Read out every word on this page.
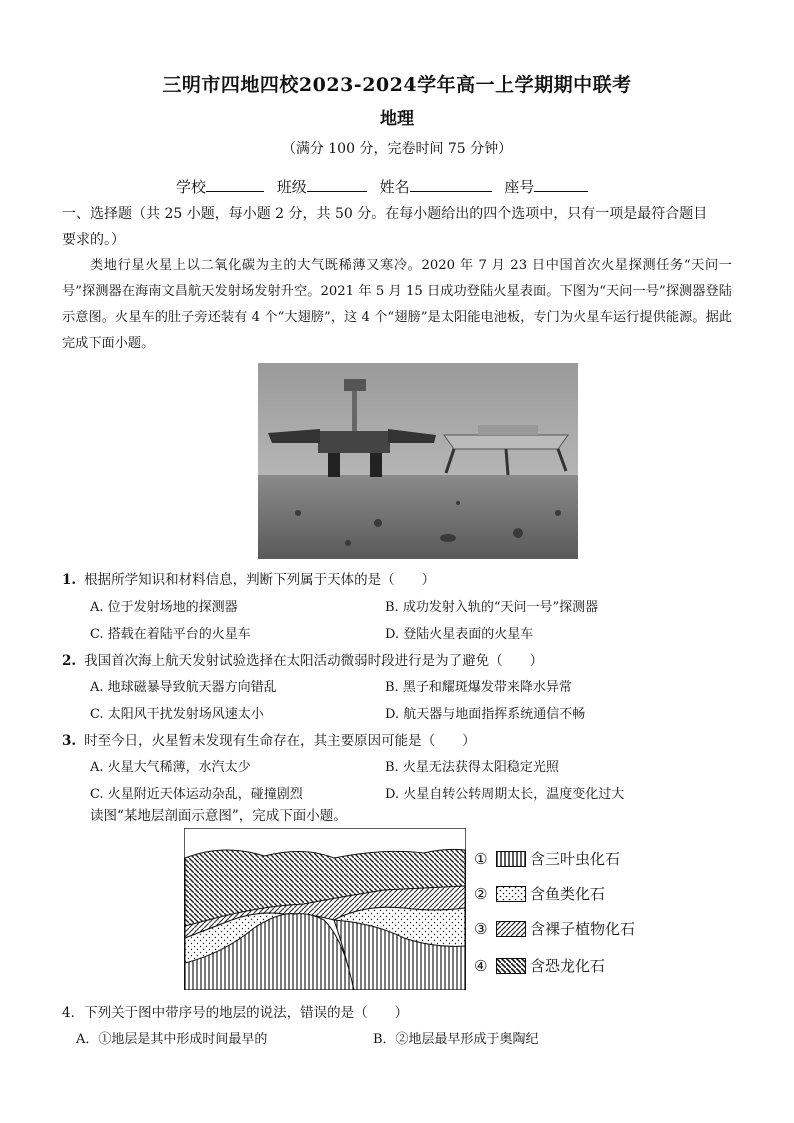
三明市四地四校2023-2024学年高一上学期期中联考
地理
（满分 100 分，完卷时间 75 分钟）
学校	班级	姓名	座号
一、选择题（共 25 小题，每小题 2 分，共 50 分。在每小题给出的四个选项中，只有一项是最符合题目
要求的。）
类地行星火星上以二氧化碳为主的大气既稀薄又寒冷。2020 年 7 月 23 日中国首次火星探测任务“天问一号”探测器在海南文昌航天发射场发射升空。2021 年 5 月 15 日成功登陆火星表面。下图为“天问一号”探测器登陆示意图。火星车的肚子旁还装有 4 个“大翅膀”，这 4 个“翅膀”是太阳能电池板，专门为火星车运行提供能源。据此完成下面小题。
1. 根据所学知识和材料信息，判断下列属于天体的是（　　）
A. 位于发射场地的探测器	B. 成功发射入轨的“天问一号”探测器
C. 搭载在着陆平台的火星车	D. 登陆火星表面的火星车
2. 我国首次海上航天发射试验选择在太阳活动微弱时段进行是为了避免（　　）
A. 地球磁暴导致航天器方向错乱	B. 黑子和耀斑爆发带来降水异常
C. 太阳风干扰发射场风速太小	D. 航天器与地面指挥系统通信不畅
3. 时至今日，火星暂未发现有生命存在，其主要原因可能是（　　）
A. 火星大气稀薄，水汽太少	B. 火星无法获得太阳稳定光照
C. 火星附近天体运动杂乱，碰撞剧烈	D. 火星自转公转周期太长，温度变化过大
读图“某地层剖面示意图”，完成下面小题。
①	含三叶虫化石
②	含鱼类化石
③	含裸子植物化石
④	含恐龙化石
4．下列关于图中带序号的地层的说法，错误的是（　　）
A．①地层是其中形成时间最早的	B．②地层最早形成于奥陶纪
